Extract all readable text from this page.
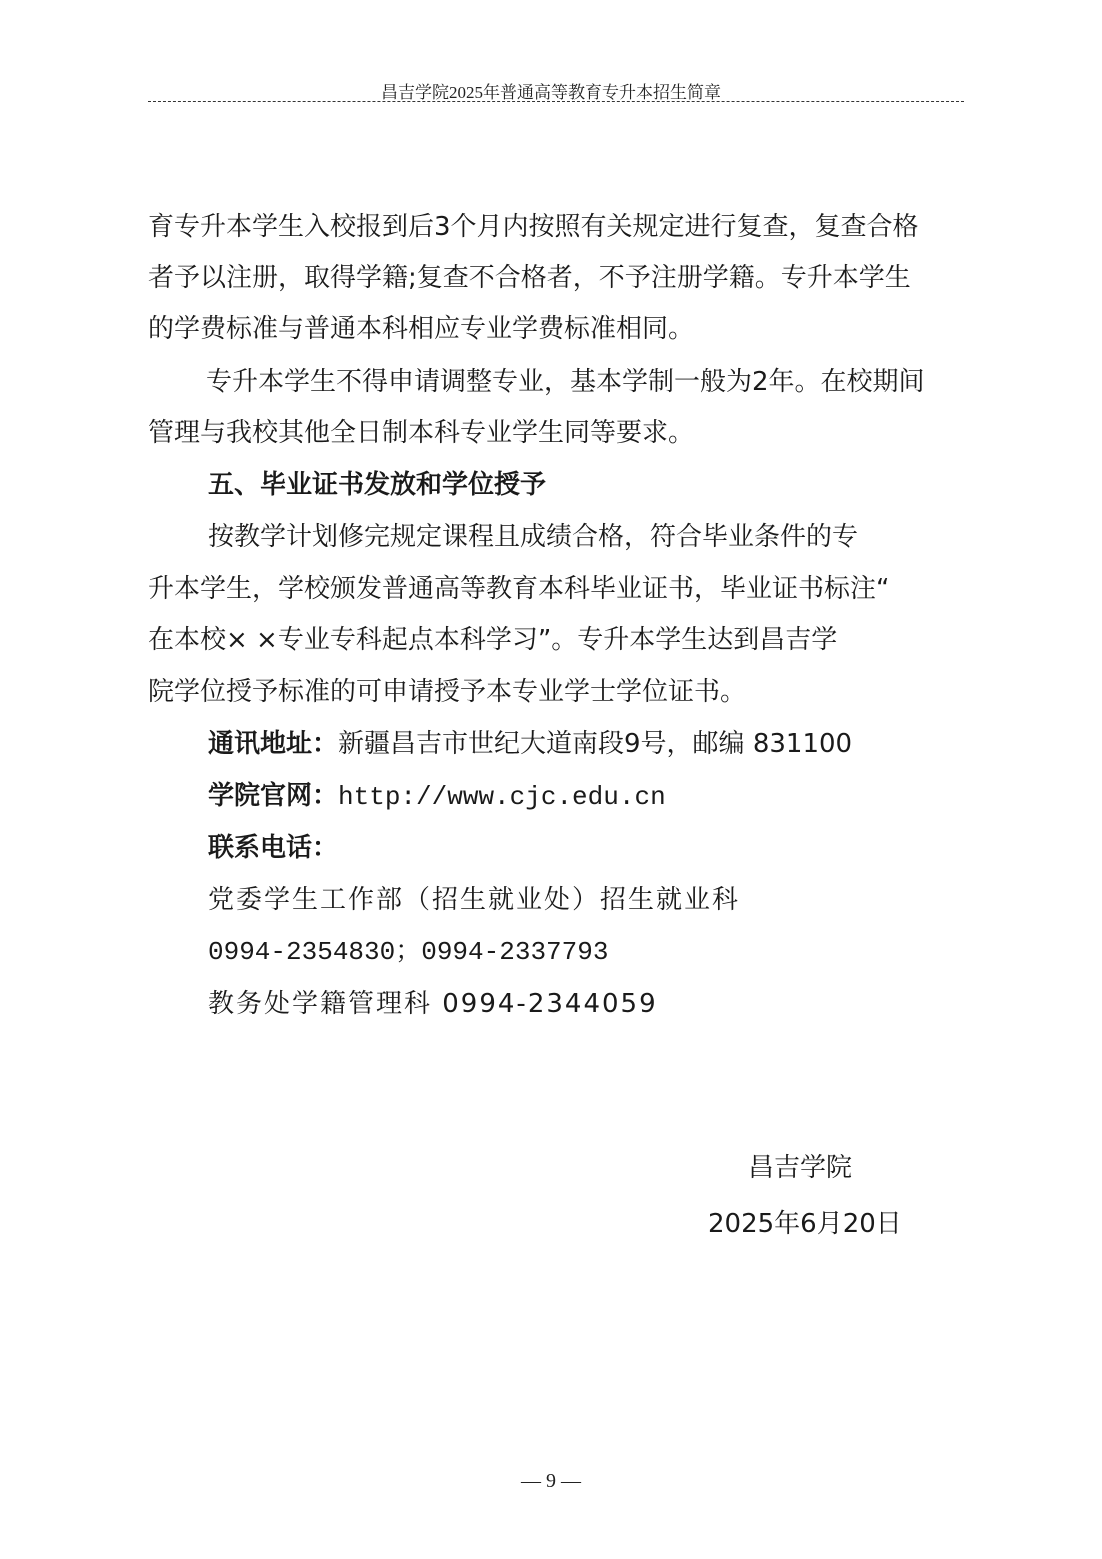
昌吉学院2025年普通高等教育专升本招生简章
育专升本学生入校报到后3个月内按照有关规定进行复查，复查合格
者予以注册，取得学籍;复查不合格者，不予注册学籍。专升本学生
的学费标准与普通本科相应专业学费标准相同。
专升本学生不得申请调整专业，基本学制一般为2年。在校期间
管理与我校其他全日制本科专业学生同等要求。
五、毕业证书发放和学位授予
按教学计划修完规定课程且成绩合格，符合毕业条件的专
升本学生，学校颁发普通高等教育本科毕业证书，毕业证书标注“
在本校× ×专业专科起点本科学习”。专升本学生达到昌吉学
院学位授予标准的可申请授予本专业学士学位证书。
通讯地址：新疆昌吉市世纪大道南段9号，邮编 831100
学院官网：http://www.cjc.edu.cn
联系电话：
党委学生工作部（招生就业处）招生就业科
0994-2354830；0994-2337793
教务处学籍管理科 0994-2344059
昌吉学院
2025年6月20日
— 9 —
